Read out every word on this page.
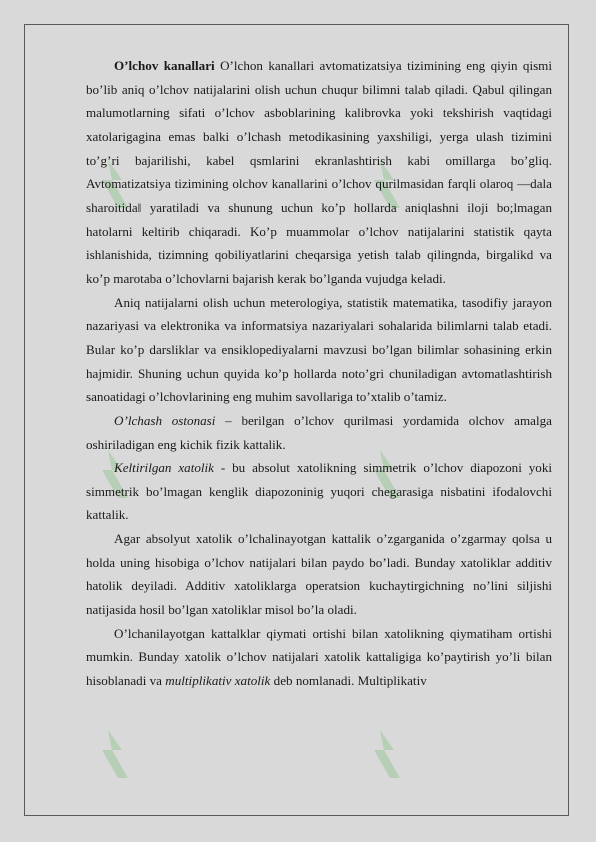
O’lchov kanallari O’lchon kanallari avtomatizatsiya tizimining eng qiyin qismi bo’lib aniq o’lchov natijalarini olish uchun chuqur bilimni talab qiladi. Qabul qilingan malumotlarning sifati o’lchov asboblarining kalibrovka yoki tekshirish vaqtidagi xatolarigagina emas balki o’lchash metodikasining yaxshiligi, yerga ulash tizimini to’g’ri bajarilishi, kabel qsmlarini ekranlashtirish kabi omillarga bo’gliq. Avtomatizatsiya tizimining olchov kanallarini o’lchov qurilmasidan farqli olaroq ―dala sharoitida‖ yaratiladi va shunung uchun ko’p hollarda aniqlashni iloji bo;lmagan hatolarni keltirib chiqaradi. Ko’p muammolar o’lchov natijalarini statistik qayta ishlanishida, tizimning qobiliyatlarini cheqarsiga yetish talab qilingnda, birgalikd va ko’p marotaba o’lchovlarni bajarish kerak bo’lganda vujudga keladi.

Aniq natijalarni olish uchun meterologiya, statistik matematika, tasodifiy jarayon nazariyasi va elektronika va informatsiya nazariyalari sohalarida bilimlarni talab etadi. Bular ko’p darsliklar va ensiklopediyalarni mavzusi bo’lgan bilimlar sohasining erkin hajmidir. Shuning uchun quyida ko’p hollarda noto’gri chuniladigan avtomatlashtirish sanoatidagi o’lchovlarining eng muhim savollariga to’xtalib o’tamiz.

O’lchash ostonasi – berilgan o’lchov qurilmasi yordamida olchov amalga oshiriladigan eng kichik fizik kattalik.

Keltirilgan xatolik - bu absolut xatolikning simmetrik o’lchov diapozoni yoki simmetrik bo’lmagan kenglik diapozoninig yuqori chegarasiga nisbatini ifodalovchi kattalik.

Agar absolyut xatolik o’lchalinayotgan kattalik o’zgarganida o’zgarmay qolsa u holda uning hisobiga o’lchov natijalari bilan paydo bo’ladi. Bunday xatoliklar additiv hatolik deyiladi. Additiv xatoliklarga operatsion kuchaytirgichning no’lini siljishi natijasida hosil bo’lgan xatoliklar misol bo’la oladi.

O’lchanilayotgan kattalklar qiymati ortishi bilan xatolikning qiymatiham ortishi mumkin. Bunday xatolik o’lchov natijalari xatolik kattaligiga ko’paytirish yo’li bilan hisoblanadi va multiplikativ xatolik deb nomlanadi. Multiplikativ
